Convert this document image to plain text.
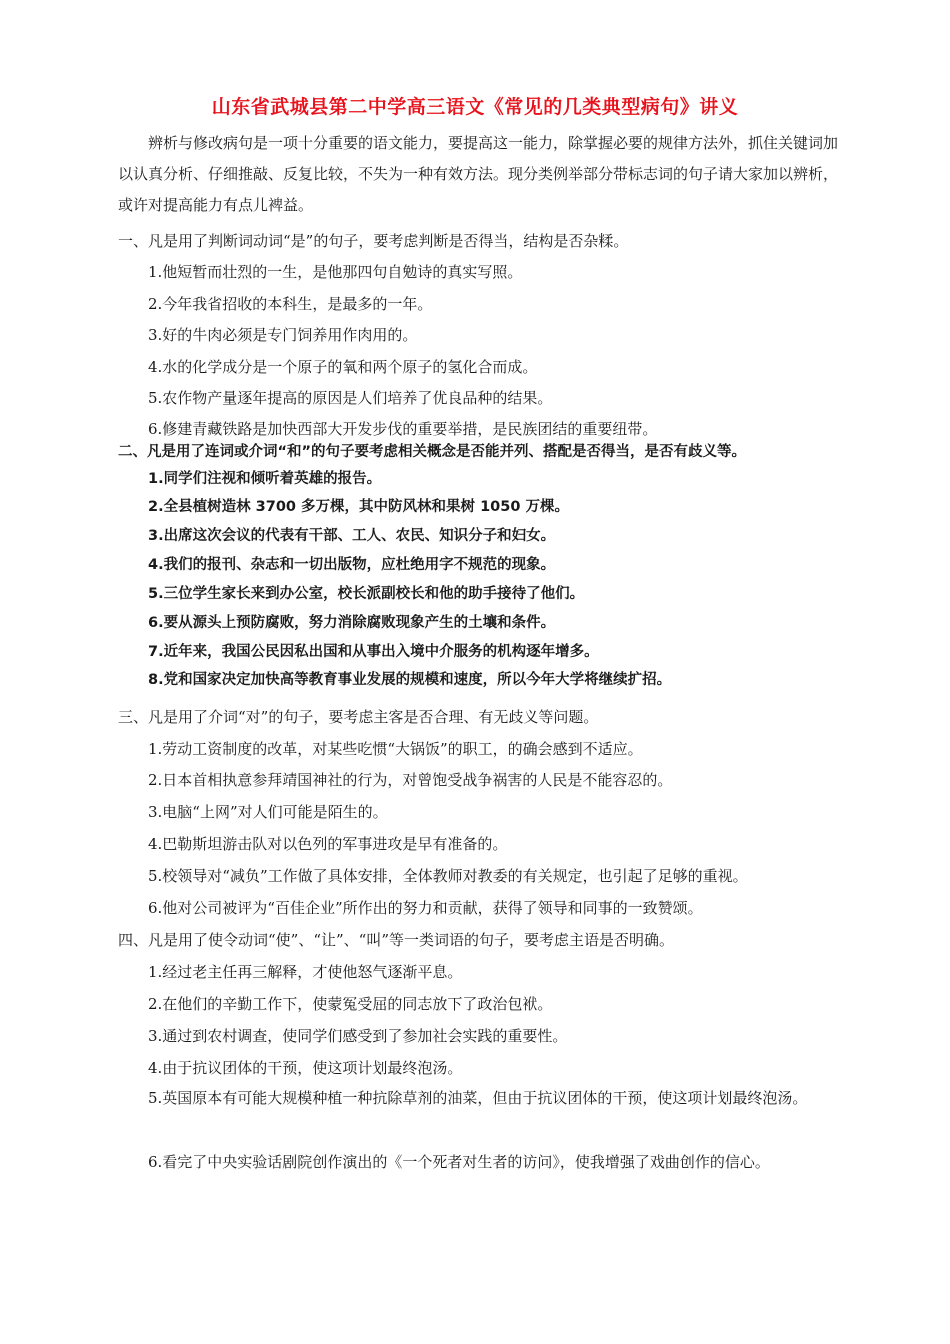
山东省武城县第二中学高三语文《常见的几类典型病句》讲义

辨析与修改病句是一项十分重要的语文能力，要提高这一能力，除掌握必要的规律方法外，抓住关键词加以认真分析、仔细推敲、反复比较，不失为一种有效方法。现分类例举部分带标志词的句子请大家加以辨析，或许对提高能力有点儿裨益。

一、凡是用了判断词动词“是”的句子，要考虑判断是否得当，结构是否杂糅。

1.他短暂而壮烈的一生，是他那四句自勉诗的真实写照。

2.今年我省招收的本科生，是最多的一年。

3.好的牛肉必须是专门饲养用作肉用的。

4.水的化学成分是一个原子的氧和两个原子的氢化合而成。

5.农作物产量逐年提高的原因是人们培养了优良品种的结果。

6.修建青藏铁路是加快西部大开发步伐的重要举措，是民族团结的重要纽带。

二、凡是用了连词或介词“和”的句子要考虑相关概念是否能并列、搭配是否得当，是否有歧义等。

1.同学们注视和倾听着英雄的报告。

2.全县植树造林 3700 多万棵，其中防风林和果树 1050 万棵。

3.出席这次会议的代表有干部、工人、农民、知识分子和妇女。

4.我们的报刊、杂志和一切出版物，应杜绝用字不规范的现象。

5.三位学生家长来到办公室，校长派副校长和他的助手接待了他们。

6.要从源头上预防腐败，努力消除腐败现象产生的土壤和条件。

7.近年来，我国公民因私出国和从事出入境中介服务的机构逐年增多。

8.党和国家决定加快高等教育事业发展的规模和速度，所以今年大学将继续扩招。

三、凡是用了介词“对”的句子，要考虑主客是否合理、有无歧义等问题。

1.劳动工资制度的改革，对某些吃惯“大锅饭”的职工，的确会感到不适应。

2.日本首相执意参拜靖国神社的行为，对曾饱受战争祸害的人民是不能容忍的。

3.电脑“上网”对人们可能是陌生的。

4.巴勒斯坦游击队对以色列的军事进攻是早有准备的。

5.校领导对“减负”工作做了具体安排，全体教师对教委的有关规定，也引起了足够的重视。

6.他对公司被评为“百佳企业”所作出的努力和贡献，获得了领导和同事的一致赞颂。

四、凡是用了使令动词“使”、“让”、“叫”等一类词语的句子，要考虑主语是否明确。

1.经过老主任再三解释，才使他怒气逐渐平息。

2.在他们的辛勤工作下，使蒙冤受屈的同志放下了政治包袱。

3.通过到农村调查，使同学们感受到了参加社会实践的重要性。

4.由于抗议团体的干预，使这项计划最终泡汤。

5.英国原本有可能大规模种植一种抗除草剂的油菜，但由于抗议团体的干预，使这项计划最终泡汤。

6.看完了中央实验话剧院创作演出的《一个死者对生者的访问》，使我增强了戏曲创作的信心。
